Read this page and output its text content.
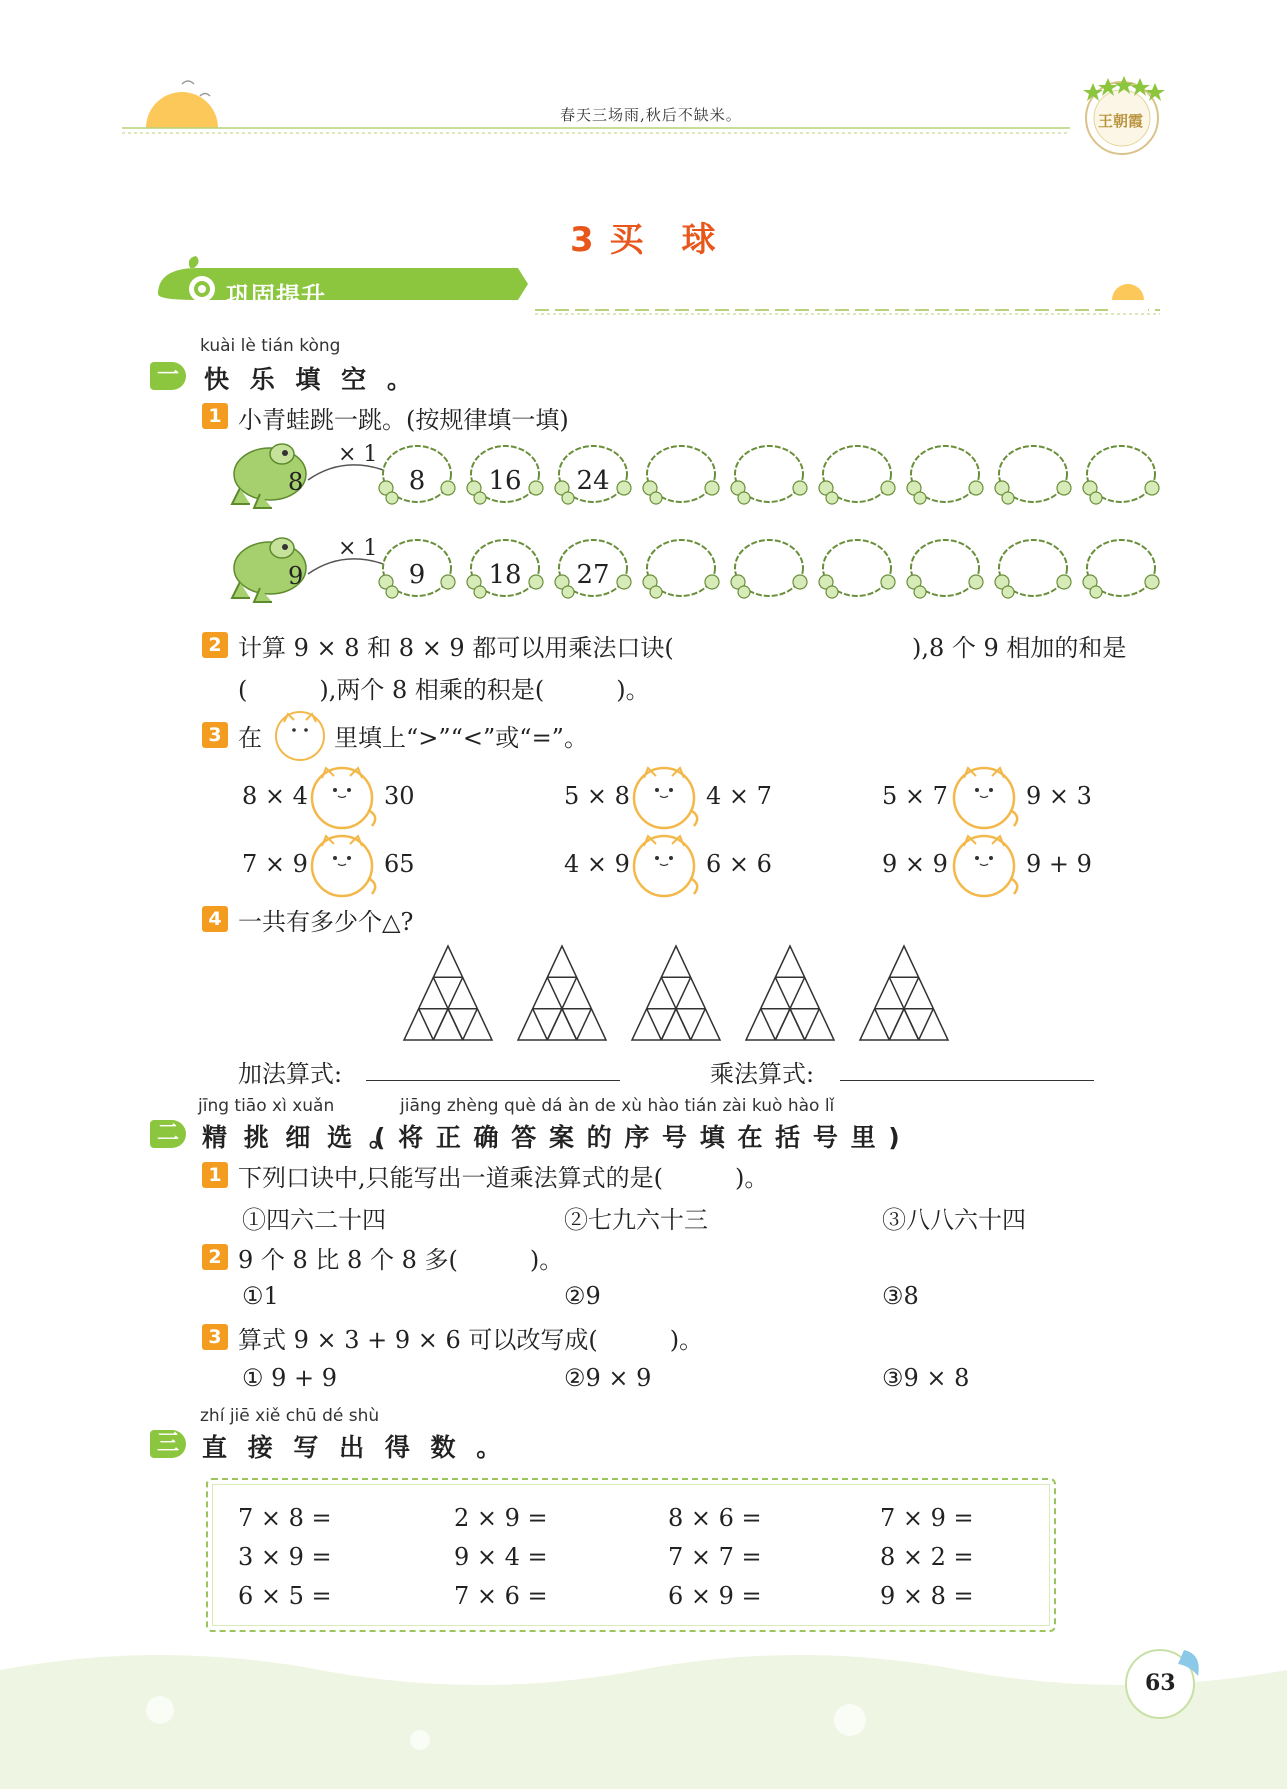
王朝霞
春天三场雨,秋后不缺米。
3 买　球
巩固提升
kuài lè tián kòng
一 快 乐 填 空 。
1 小青蛙跳一跳。(按规律填一填)
8
× 1
8	16	24
9
× 1
9	18	27
2 计算 9 × 8 和 8 × 9 都可以用乘法口诀(	),8 个 9 相加的和是
(　　　),两个 8 相乘的积是(　　　)。
3 在	里填上“>”“<”或“=”。
8 × 4	30	5 × 8	4 × 7	5 × 7	9 × 3
7 × 9	65	4 × 9	6 × 6	9 × 9	9 + 9
4 一共有多少个△?
加法算式:	乘法算式:
jīng tiāo xì xuǎn	jiāng zhèng què dá àn de xù hào tián zài kuò hào lǐ
二 精 挑 细 选 。
( 将 正 确 答 案 的 序 号 填 在 括 号 里 )
1 下列口诀中,只能写出一道乘法算式的是(　　　)。
①四六二十四	②七九六十三	③八八六十四
2 9 个 8 比 8 个 8 多(　　　)。
①1	②9	③8
3 算式 9 × 3 + 9 × 6 可以改写成(　　　)。
① 9 + 9	②9 × 9	③9 × 8
zhí jiē xiě chū dé shù
三 直 接 写 出 得 数 。
7 × 8 =	2 × 9 =	8 × 6 =	7 × 9 =
3 × 9 =	9 × 4 =	7 × 7 =	8 × 2 =
6 × 5 =	7 × 6 =	6 × 9 =	9 × 8 =
63
